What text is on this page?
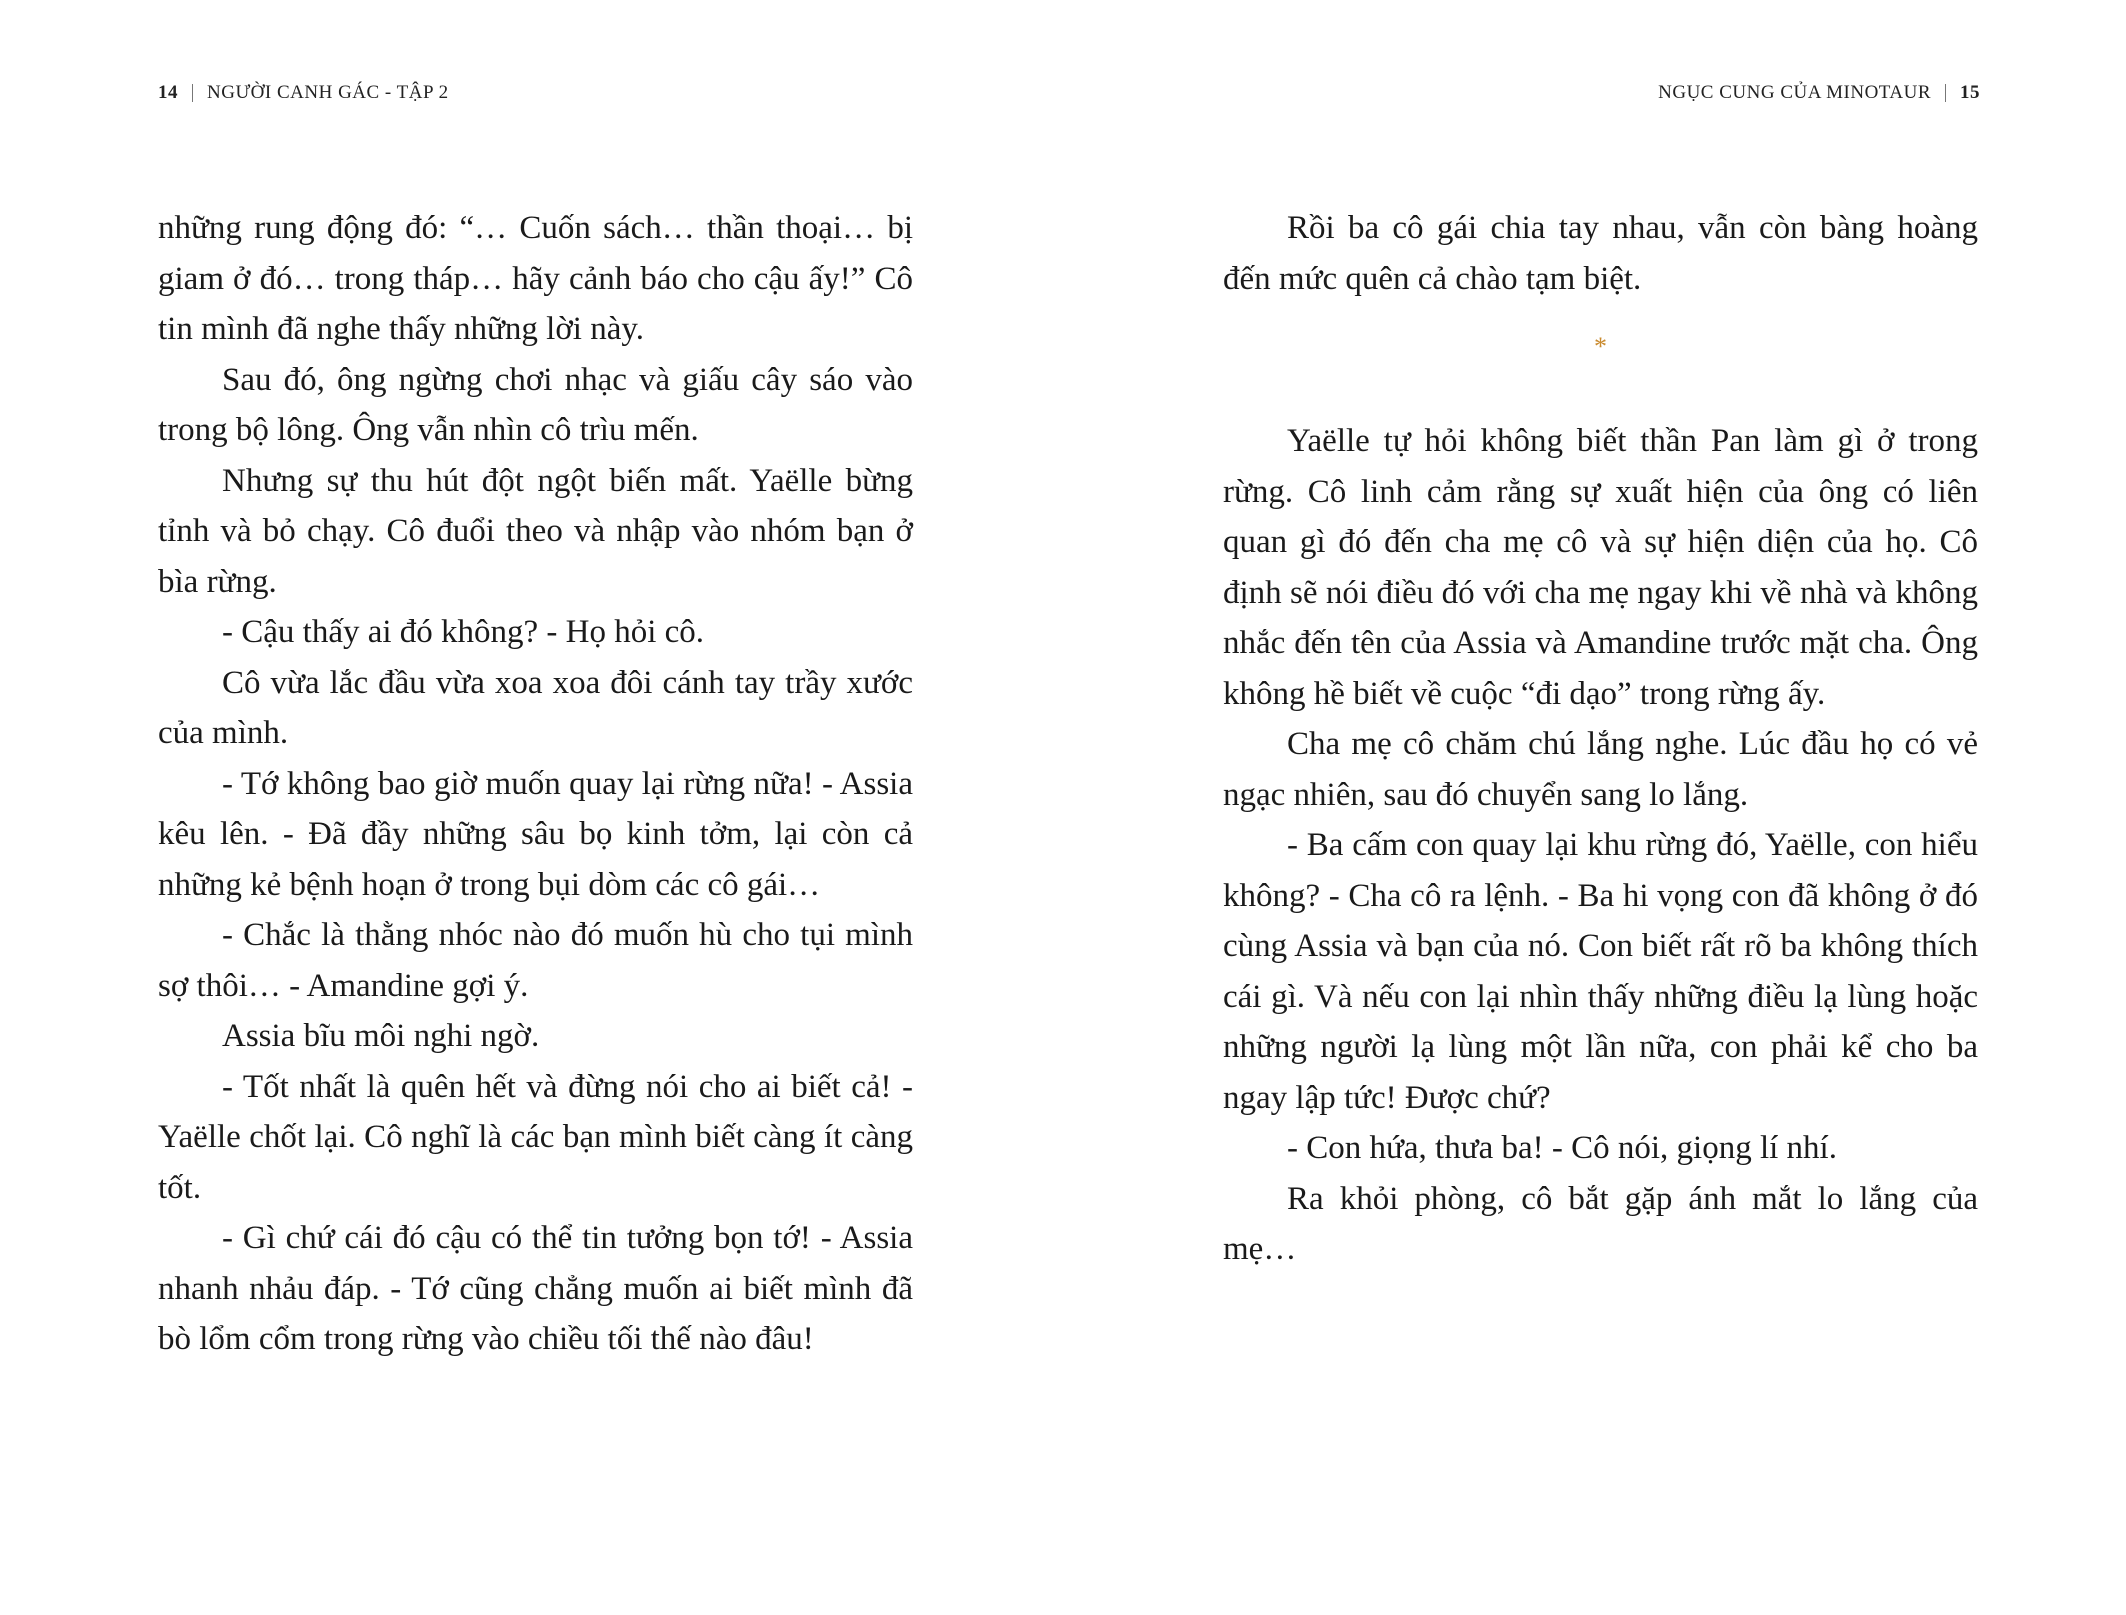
14 NGƯỜI CANH GÁC - TẬP 2

những rung động đó: “… Cuốn sách… thần thoại… bị giam ở đó… trong tháp… hãy cảnh báo cho cậu ấy!” Cô tin mình đã nghe thấy những lời này.

Sau đó, ông ngừng chơi nhạc và giấu cây sáo vào trong bộ lông. Ông vẫn nhìn cô trìu mến.

Nhưng sự thu hút đột ngột biến mất. Yaëlle bừng tỉnh và bỏ chạy. Cô đuổi theo và nhập vào nhóm bạn ở bìa rừng.

- Cậu thấy ai đó không? - Họ hỏi cô.

Cô vừa lắc đầu vừa xoa xoa đôi cánh tay trầy xước của mình.

- Tớ không bao giờ muốn quay lại rừng nữa! - Assia kêu lên. - Đã đầy những sâu bọ kinh tởm, lại còn cả những kẻ bệnh hoạn ở trong bụi dòm các cô gái…

- Chắc là thằng nhóc nào đó muốn hù cho tụi mình sợ thôi… - Amandine gợi ý.

Assia bĩu môi nghi ngờ.

- Tốt nhất là quên hết và đừng nói cho ai biết cả! - Yaëlle chốt lại. Cô nghĩ là các bạn mình biết càng ít càng tốt.

- Gì chứ cái đó cậu có thể tin tưởng bọn tớ! - Assia nhanh nhảu đáp. - Tớ cũng chẳng muốn ai biết mình đã bò lổm cổm trong rừng vào chiều tối thế nào đâu!

NGỤC CUNG CỦA MINOTAUR 15

Rồi ba cô gái chia tay nhau, vẫn còn bàng hoàng đến mức quên cả chào tạm biệt.

*

Yaëlle tự hỏi không biết thần Pan làm gì ở trong rừng. Cô linh cảm rằng sự xuất hiện của ông có liên quan gì đó đến cha mẹ cô và sự hiện diện của họ. Cô định sẽ nói điều đó với cha mẹ ngay khi về nhà và không nhắc đến tên của Assia và Amandine trước mặt cha. Ông không hề biết về cuộc “đi dạo” trong rừng ấy.

Cha mẹ cô chăm chú lắng nghe. Lúc đầu họ có vẻ ngạc nhiên, sau đó chuyển sang lo lắng.

- Ba cấm con quay lại khu rừng đó, Yaëlle, con hiểu không? - Cha cô ra lệnh. - Ba hi vọng con đã không ở đó cùng Assia và bạn của nó. Con biết rất rõ ba không thích cái gì. Và nếu con lại nhìn thấy những điều lạ lùng hoặc những người lạ lùng một lần nữa, con phải kể cho ba ngay lập tức! Được chứ?

- Con hứa, thưa ba! - Cô nói, giọng lí nhí.

Ra khỏi phòng, cô bắt gặp ánh mắt lo lắng của mẹ…
